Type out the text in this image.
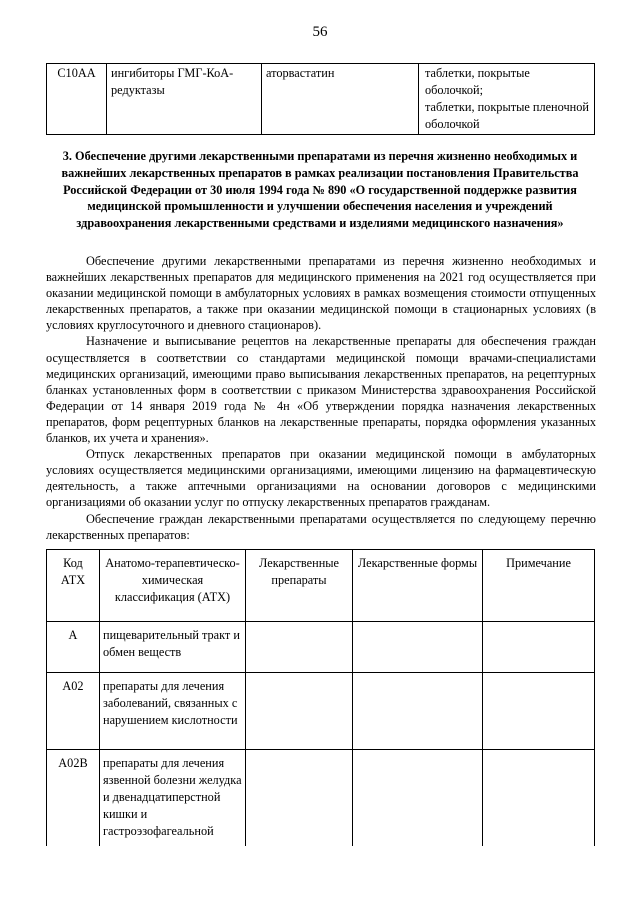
56
C10AA	ингибиторы ГМГ-КоА-редуктазы	аторвастатин	таблетки, покрытые оболочкой;
таблетки, покрытые пленочной оболочкой
3. Обеспечение другими лекарственными препаратами из перечня жизненно необходимых и важнейших лекарственных препаратов в рамках реализации постановления Правительства Российской Федерации от 30 июля 1994 года № 890 «О государственной поддержке развития медицинской промышленности и улучшении обеспечения населения и учреждений здравоохранения лекарственными средствами и изделиями медицинского назначения»

Обеспечение другими лекарственными препаратами из перечня жизненно необходимых и важнейших лекарственных препаратов для медицинского применения на 2021 год осуществляется при оказании медицинской помощи в амбулаторных условиях в рамках возмещения стоимости отпущенных лекарственных препаратов, а также при оказании медицинской помощи в стационарных условиях (в условиях круглосуточного и дневного стационаров).

Назначение и выписывание рецептов на лекарственные препараты для обеспечения граждан осуществляется в соответствии со стандартами медицинской помощи врачами-специалистами медицинских организаций, имеющими право выписывания лекарственных препаратов, на рецептурных бланках установленных форм в соответствии с приказом Министерства здравоохранения Российской Федерации от 14 января 2019 года № 4н «Об утверждении порядка назначения лекарственных препаратов, форм рецептурных бланков на лекарственные препараты, порядка оформления указанных бланков, их учета и хранения».

Отпуск лекарственных препаратов при оказании медицинской помощи в амбулаторных условиях осуществляется медицинскими организациями, имеющими лицензию на фармацевтическую деятельность, а также аптечными организациями на основании договоров с медицинскими организациями об оказании услуг по отпуску лекарственных препаратов гражданам.

Обеспечение граждан лекарственными препаратами осуществляется по следующему перечню лекарственных препаратов:

Код АТХ	Анатомо-терапевтическо-химическая классификация (АТХ)	Лекарственные препараты	Лекарственные формы	Примечание
А	пищеварительный тракт и обмен веществ			
А02	препараты для лечения заболеваний, связанных с нарушением кислотности			
А02В	препараты для лечения язвенной болезни желудка и двенадцатиперстной кишки и гастроэзофагеальной			
